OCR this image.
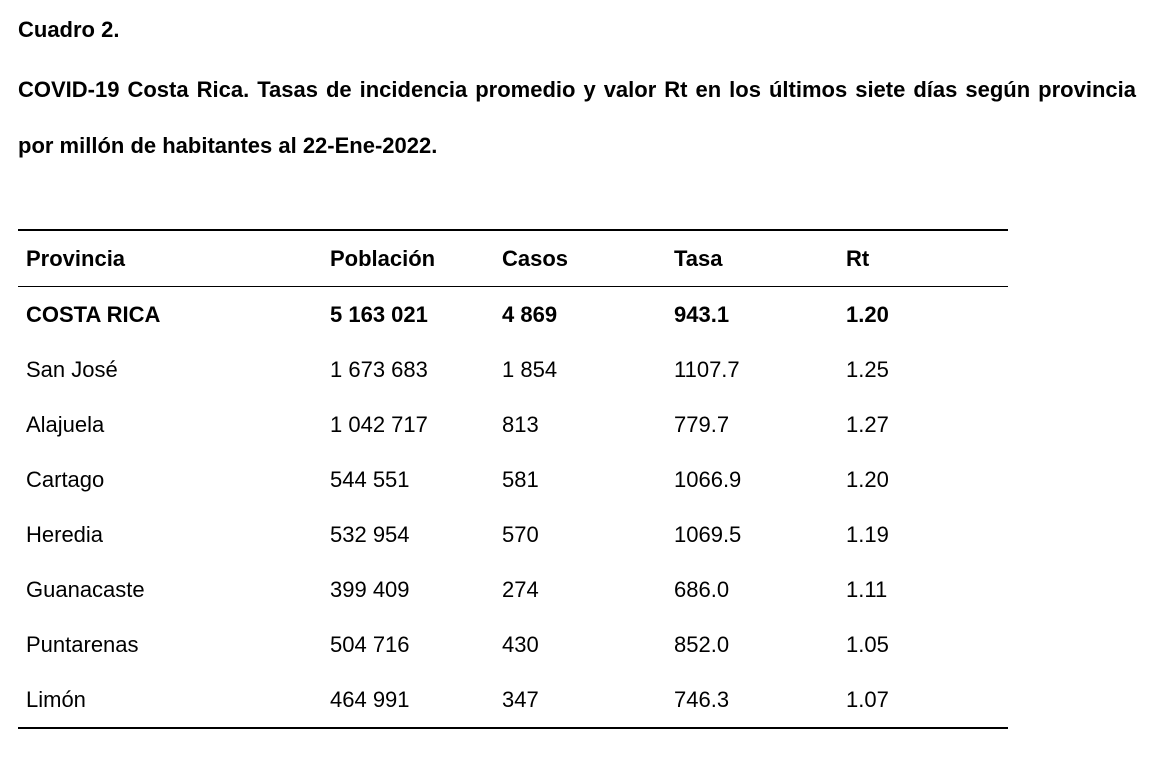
Cuadro 2.

COVID-19 Costa Rica. Tasas de incidencia promedio y valor Rt en los últimos siete días según provincia por millón de habitantes al 22-Ene-2022.

Provincia	Población	Casos	Tasa	Rt
COSTA RICA	5 163 021	4 869	943.1	1.20
San José	1 673 683	1 854	1107.7	1.25
Alajuela	1 042 717	813	779.7	1.27
Cartago	544 551	581	1066.9	1.20
Heredia	532 954	570	1069.5	1.19
Guanacaste	399 409	274	686.0	1.11
Puntarenas	504 716	430	852.0	1.05
Limón	464 991	347	746.3	1.07
